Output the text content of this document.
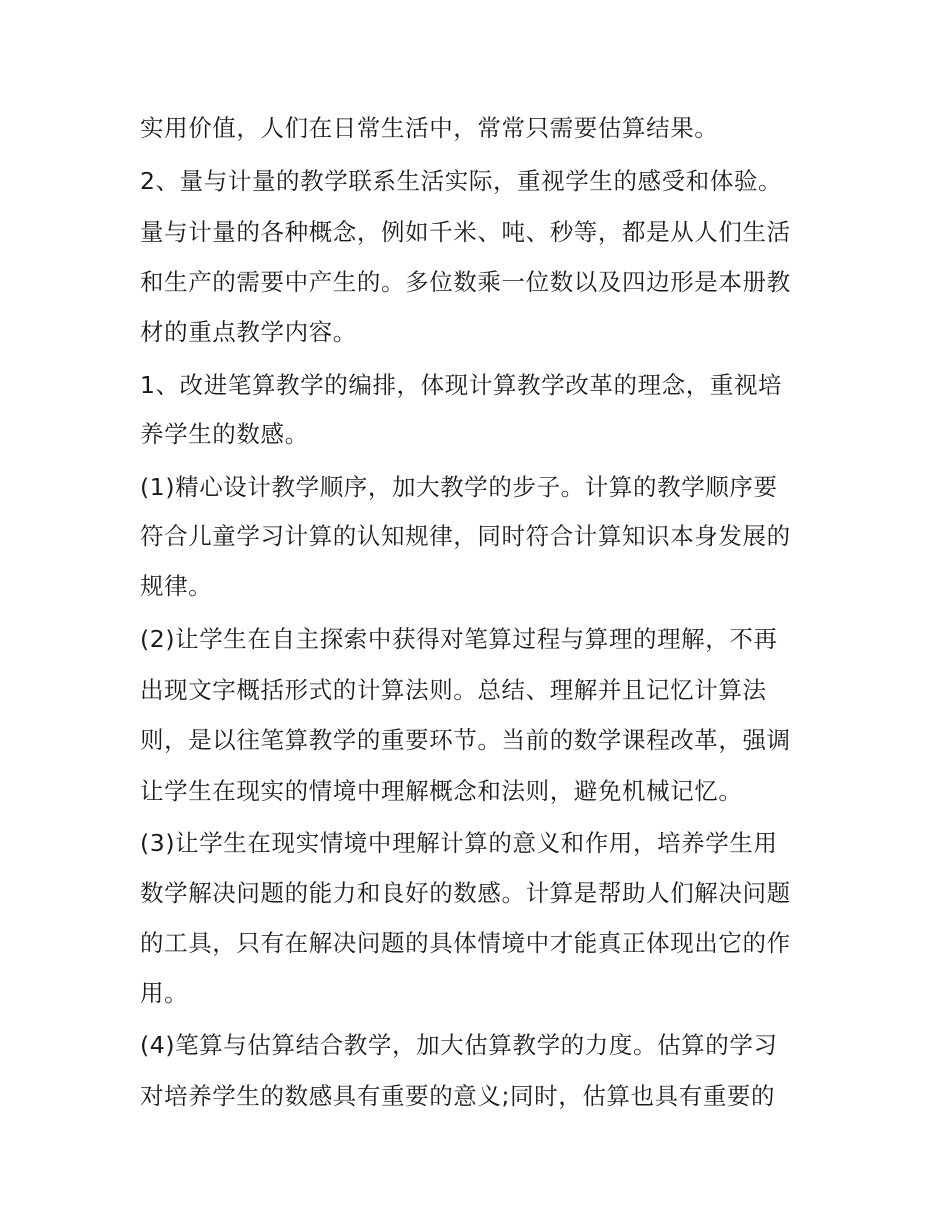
实用价值，人们在日常生活中，常常只需要估算结果。
2、量与计量的教学联系生活实际，重视学生的感受和体验。
量与计量的各种概念，例如千米、吨、秒等，都是从人们生活
和生产的需要中产生的。多位数乘一位数以及四边形是本册教
材的重点教学内容。
1、改进笔算教学的编排，体现计算教学改革的理念，重视培
养学生的数感。
(1)精心设计教学顺序，加大教学的步子。计算的教学顺序要
符合儿童学习计算的认知规律，同时符合计算知识本身发展的
规律。
(2)让学生在自主探索中获得对笔算过程与算理的理解，不再
出现文字概括形式的计算法则。总结、理解并且记忆计算法
则，是以往笔算教学的重要环节。当前的数学课程改革，强调
让学生在现实的情境中理解概念和法则，避免机械记忆。
(3)让学生在现实情境中理解计算的意义和作用，培养学生用
数学解决问题的能力和良好的数感。计算是帮助人们解决问题
的工具，只有在解决问题的具体情境中才能真正体现出它的作
用。
(4)笔算与估算结合教学，加大估算教学的力度。估算的学习
对培养学生的数感具有重要的意义;同时，估算也具有重要的
